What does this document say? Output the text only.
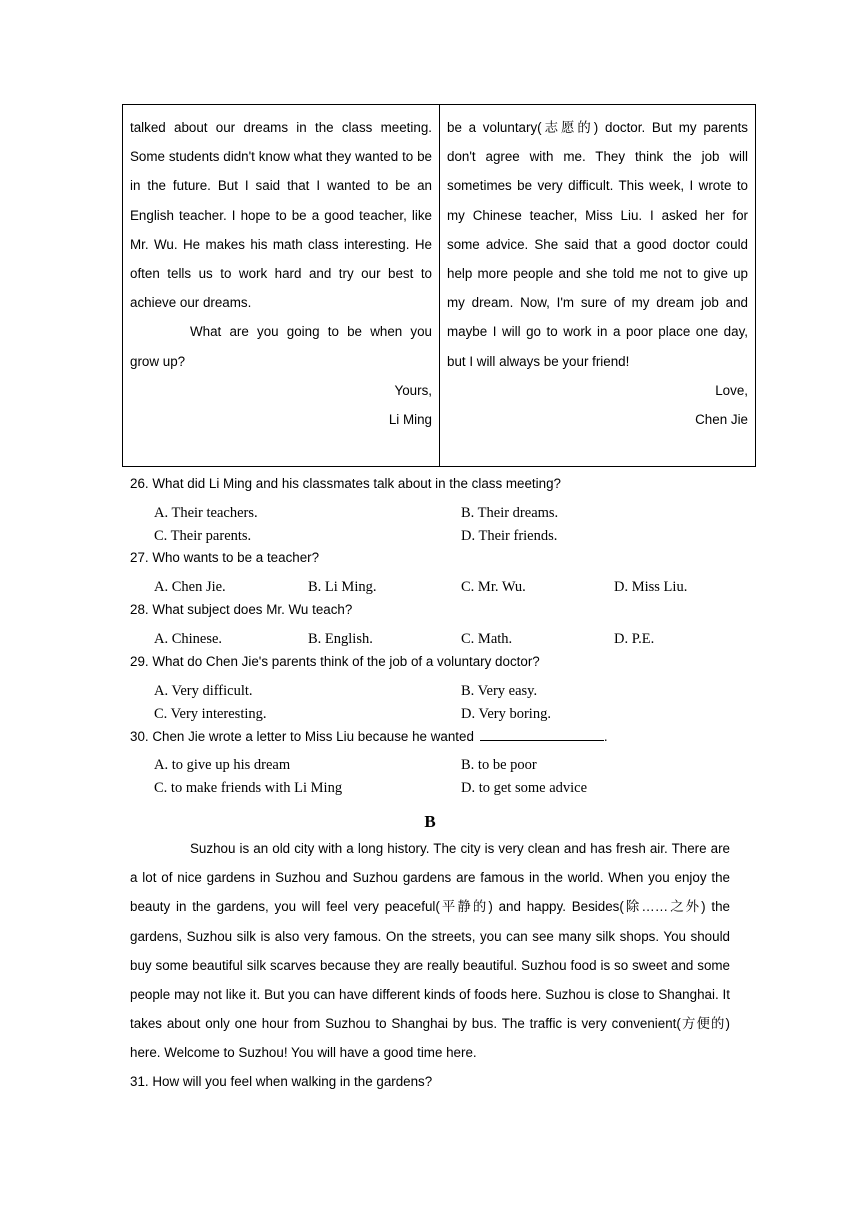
talked about our dreams in the class meeting. Some students didn't know what they wanted to be in the future. But I said that I wanted to be an English teacher. I hope to be a good teacher, like Mr. Wu. He makes his math class interesting. He often tells us to work hard and try our best to achieve our dreams.

What are you going to be when you grow up?

Yours,

Li Ming

be a voluntary(志愿的) doctor. But my parents don't agree with me. They think the job will sometimes be very difficult. This week, I wrote to my Chinese teacher, Miss Liu. I asked her for some advice. She said that a good doctor could help more people and she told me not to give up my dream. Now, I'm sure of my dream job and maybe I will go to work in a poor place one day, but I will always be your friend!

Love,

Chen Jie

26. What did Li Ming and his classmates talk about in the class meeting?
A. Their teachers.	B. Their dreams.
C. Their parents.	D. Their friends.
27. Who wants to be a teacher?
A. Chen Jie.	B. Li Ming.	C. Mr. Wu.	D. Miss Liu.
28. What subject does Mr. Wu teach?
A. Chinese.	B. English.	C. Math.	D. P.E.
29. What do Chen Jie's parents think of the job of a voluntary doctor?
A. Very difficult.	B. Very easy.
C. Very interesting.	D. Very boring.
30. Chen Jie wrote a letter to Miss Liu because he wanted	.
A. to give up his dream	B. to be poor
C. to make friends with Li Ming	D. to get some advice
B

Suzhou is an old city with a long history. The city is very clean and has fresh air. There are a lot of nice gardens in Suzhou and Suzhou gardens are famous in the world. When you enjoy the beauty in the gardens, you will feel very peaceful(平静的) and happy. Besides(除……之外) the gardens, Suzhou silk is also very famous. On the streets, you can see many silk shops. You should buy some beautiful silk scarves because they are really beautiful. Suzhou food is so sweet and some people may not like it. But you can have different kinds of foods here. Suzhou is close to Shanghai. It takes about only one hour from Suzhou to Shanghai by bus. The traffic is very convenient(方便的) here. Welcome to Suzhou! You will have a good time here.

31. How will you feel when walking in the gardens?
